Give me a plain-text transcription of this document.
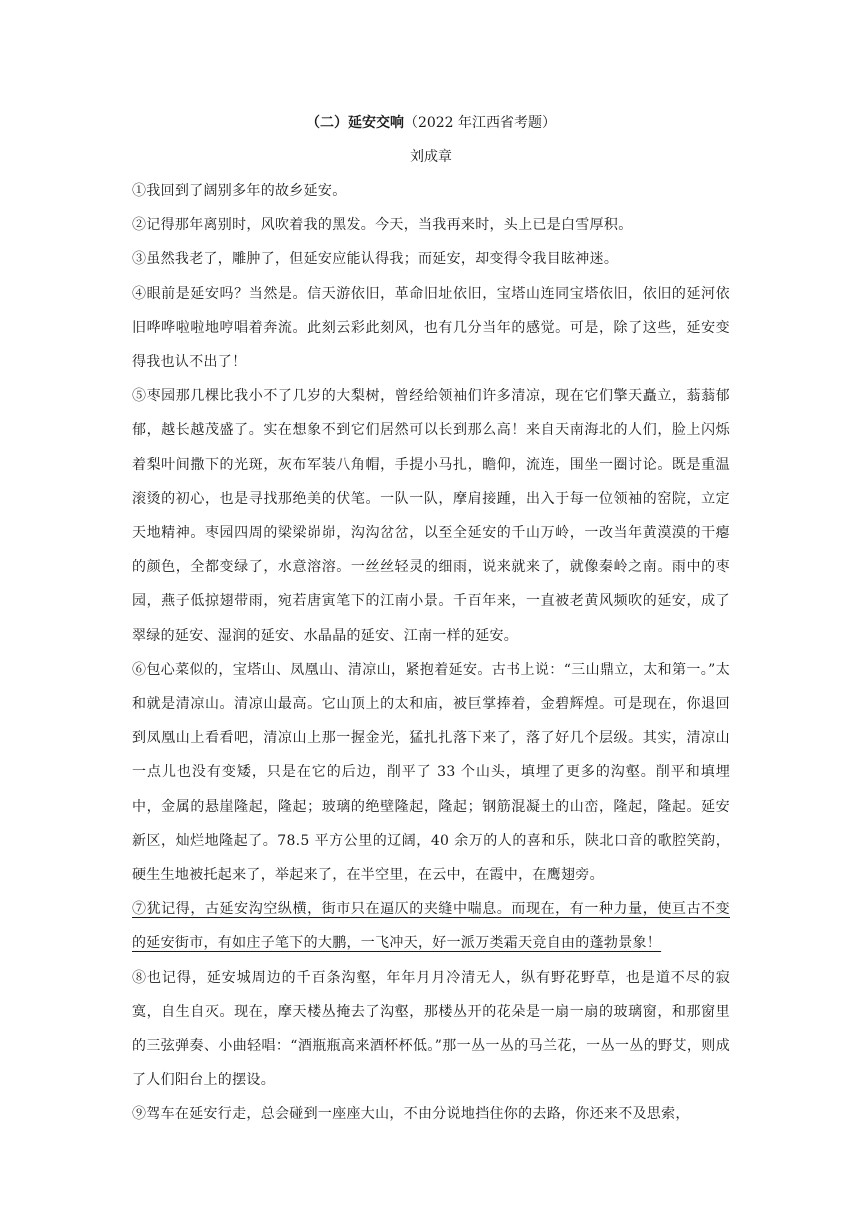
（二）延安交响（2022 年江西省考题）

刘成章

①我回到了阔别多年的故乡延安。

②记得那年离别时，风吹着我的黑发。今天，当我再来时，头上已是白雪厚积。

③虽然我老了，雕肿了，但延安应能认得我；而延安，却变得令我目眩神迷。

④眼前是延安吗？当然是。信天游依旧，革命旧址依旧，宝塔山连同宝塔依旧，依旧的延河依旧哗哗啦啦地哼唱着奔流。此刻云彩此刻风，也有几分当年的感觉。可是，除了这些，延安变得我也认不出了！

⑤枣园那几棵比我小不了几岁的大梨树，曾经给领袖们许多清凉，现在它们擎天矗立，蓊蓊郁郁，越长越茂盛了。实在想象不到它们居然可以长到那么高！来自天南海北的人们，脸上闪烁着梨叶间撒下的光斑，灰布军装八角帽，手提小马扎，瞻仰，流连，围坐一圈讨论。既是重温滚烫的初心，也是寻找那绝美的伏笔。一队一队，摩肩接踵，出入于每一位领袖的窑院，立定天地精神。枣园四周的梁梁峁峁，沟沟岔岔，以至全延安的千山万岭，一改当年黄漠漠的干瘪的颜色，全都变绿了，水意溶溶。一丝丝轻灵的细雨，说来就来了，就像秦岭之南。雨中的枣园，燕子低掠翅带雨，宛若唐寅笔下的江南小景。千百年来，一直被老黄风频吹的延安，成了翠绿的延安、湿润的延安、水晶晶的延安、江南一样的延安。

⑥包心菜似的，宝塔山、凤凰山、清凉山，紧抱着延安。古书上说：“三山鼎立，太和第一。”太和就是清凉山。清凉山最高。它山顶上的太和庙，被巨掌捧着，金碧辉煌。可是现在，你退回到凤凰山上看看吧，清凉山上那一握金光，猛扎扎落下来了，落了好几个层级。其实，清凉山一点儿也没有变矮，只是在它的后边，削平了 33 个山头，填埋了更多的沟壑。削平和填埋中，金属的悬崖隆起，隆起；玻璃的绝壁隆起，隆起；钢筋混凝土的山峦，隆起，隆起。延安新区，灿烂地隆起了。78.5 平方公里的辽阔，40 余万的人的喜和乐，陕北口音的歌腔笑韵，硬生生地被托起来了，举起来了，在半空里，在云中，在霞中，在鹰翅旁。

⑦犹记得，古延安沟空纵横，街市只在逼仄的夹缝中喘息。而现在，有一种力量，使亘古不变的延安街市，有如庄子笔下的大鹏，一飞冲天，好一派万类霜天竞自由的蓬勃景象！

⑧也记得，延安城周边的千百条沟壑，年年月月冷清无人，纵有野花野草，也是道不尽的寂寞，自生自灭。现在，摩天楼丛掩去了沟壑，那楼丛开的花朵是一扇一扇的玻璃窗，和那窗里的三弦弹奏、小曲轻唱：“酒瓶瓶高来酒杯杯低。”那一丛一丛的马兰花，一丛一丛的野艾，则成了人们阳台上的摆设。

⑨驾车在延安行走，总会碰到一座座大山，不由分说地挡住你的去路，你还来不及思索，
